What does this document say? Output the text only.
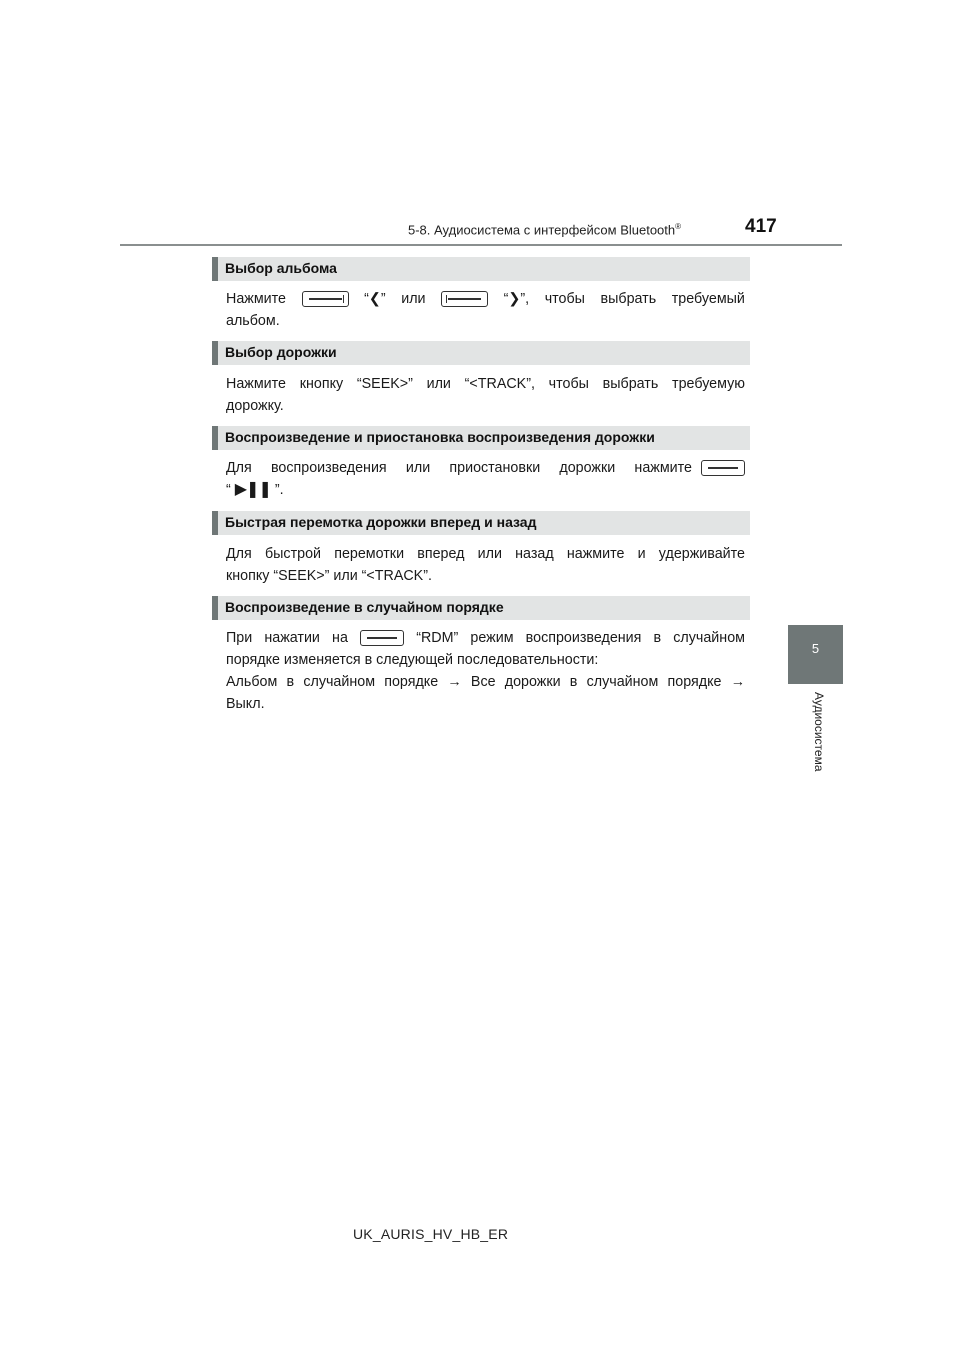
5-8. Аудиосистема с интерфейсом Bluetooth®	417
5
Аудиосистема
Выбор альбома
Нажмите	“❮” или	“❯”, чтобы выбрать требуемый
альбом.
Выбор дорожки
Нажмите кнопку “SEEK>” или “<TRACK”, чтобы выбрать требуемую
дорожку.
Воспроизведение и приостановка воспроизведения дорожки
Для воспроизведения или приостановки дорожки нажмите
“ ▶❚❚ ”.
Быстрая перемотка дорожки вперед и назад
Для быстрой перемотки вперед или назад нажмите и удерживайте
кнопку “SEEK>” или “<TRACK”.
Воспроизведение в случайном порядке
При нажатии на	“RDM” режим воспроизведения в случайном
порядке изменяется в следующей последовательности:
Альбом в случайном порядке → Все дорожки в случайном порядке →
Выкл.
UK_AURIS_HV_HB_ER
